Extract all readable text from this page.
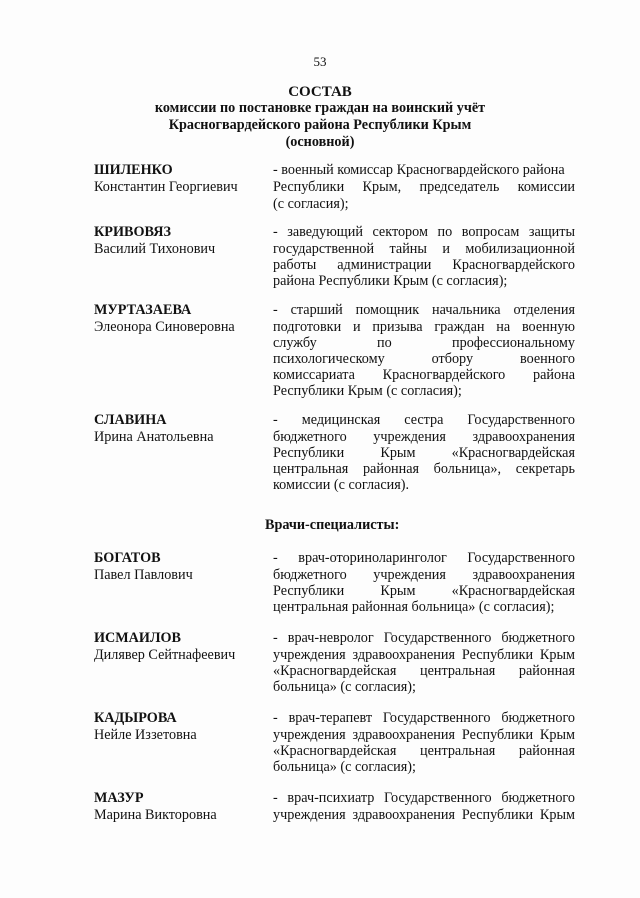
53
СОСТАВ
комиссии по постановке граждан на воинский учёт
Красногвардейского района Республики Крым
(основной)
ШИЛЕНКО
Константин Георгиевич
- военный комиссар Красногвардейского района
Республики Крым, председатель комиссии
(с согласия);
КРИВОВЯЗ
Василий Тихонович
- заведующий сектором по вопросам защиты
государственной тайны и мобилизационной
работы администрации Красногвардейского
района Республики Крым (с согласия);
МУРТАЗАЕВА
Элеонора Синоверовна
- старший помощник начальника отделения
подготовки и призыва граждан на военную
службу по профессиональному
психологическому отбору военного
комиссариата Красногвардейского района
Республики Крым (с согласия);
СЛАВИНА
Ирина Анатольевна
- медицинская сестра Государственного
бюджетного учреждения здравоохранения
Республики Крым «Красногвардейская
центральная районная больница», секретарь
комиссии (с согласия).
Врачи-специалисты:
БОГАТОВ
Павел Павлович
- врач-оториноларинголог Государственного
бюджетного учреждения здравоохранения
Республики Крым «Красногвардейская
центральная районная больница» (с согласия);
ИСМАИЛОВ
Дилявер Сейтнафеевич
- врач-невролог Государственного бюджетного
учреждения здравоохранения Республики Крым
«Красногвардейская центральная районная
больница» (с согласия);
КАДЫРОВА
Нейле Иззетовна
- врач-терапевт Государственного бюджетного
учреждения здравоохранения Республики Крым
«Красногвардейская центральная районная
больница» (с согласия);
МАЗУР
Марина Викторовна
- врач-психиатр Государственного бюджетного
учреждения здравоохранения Республики Крым
